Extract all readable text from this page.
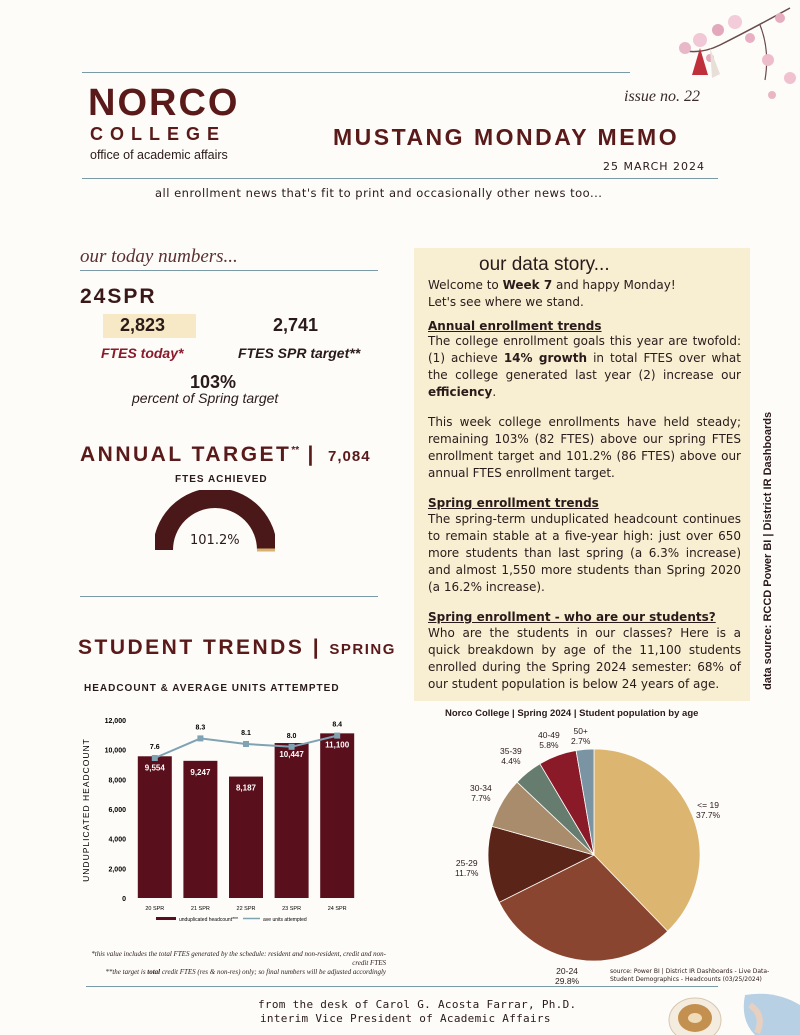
NORCO
COLLEGE
office of academic affairs
issue no. 22
MUSTANG MONDAY MEMO
25 MARCH 2024
all enrollment news that's fit to print and occasionally other news too...
our today numbers...
24SPR
2,823	2,741
FTES today*	FTES SPR target**
103%
percent of Spring target
ANNUAL TARGET** | 7,084
FTES ACHIEVED
101.2%
STUDENT TRENDS | SPRING
HEADCOUNT & AVERAGE UNITS ATTEMPTED
UNDUPLICATED HEADCOUNT
0
2,000
4,000
6,000
8,000
10,000
12,000
9,554
20 SPR
9,247
21 SPR
8,187
22 SPR
10,447
23 SPR
11,100
24 SPR
7.6
8.3
8.1	8.0
8.4
unduplicated headcount***	ave units attempted
our data story...
Welcome to Week 7 and happy Monday!
Let's see where we stand.
Annual enrollment trends
The college enrollment goals this year are twofold: (1) achieve 14% growth in total FTES over what the college generated last year (2) increase our efficiency.
This week college enrollments have held steady; remaining 103% (82 FTES) above our spring FTES enrollment target and 101.2% (86 FTES) above our annual FTES enrollment target.
Spring enrollment trends
The spring-term unduplicated headcount continues to remain stable at a five-year high: just over 650 more students than last spring (a 6.3% increase) and almost 1,550 more students than Spring 2020 (a 16.2% increase).
Spring enrollment - who are our students?
Who are the students in our classes? Here is a quick breakdown by age of the 11,100 students enrolled during the Spring 2024 semester: 68% of our student population is below 24 years of age.	data source: RCCD Power BI | District IR Dashboards
Norco College | Spring 2024 | Student population by age
<= 19
37.7%
20-24
29.8%
25-29
11.7%
30-34
7.7%
35-39
4.4%
40-49
5.8%
50+
2.7%
source: Power BI | District IR Dashboards - Live Data- Student Demographics - Headcounts (03/25/2024)
*this value includes the total FTES generated by the schedule: resident and non-resident, credit and non-credit FTES
**the target is total credit FTES (res & non-res) only; so final numbers will be adjusted accordingly
from the desk of Carol G. Acosta Farrar, Ph.D.
interim Vice President of Academic Affairs
